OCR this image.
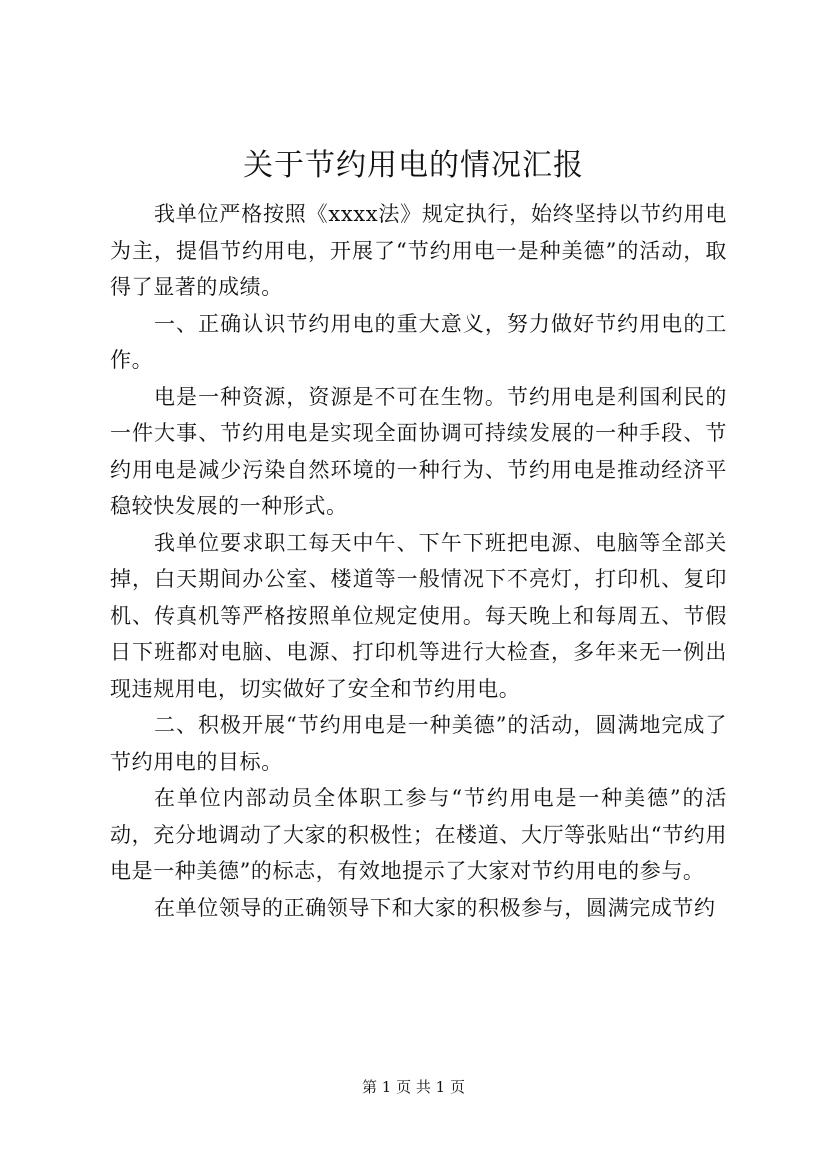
关于节约用电的情况汇报

我单位严格按照《xxxx法》规定执行，始终坚持以节约用电为主，提倡节约用电，开展了“节约用电一是种美德”的活动，取得了显著的成绩。

一、正确认识节约用电的重大意义，努力做好节约用电的工作。

电是一种资源，资源是不可在生物。节约用电是利国利民的一件大事、节约用电是实现全面协调可持续发展的一种手段、节约用电是减少污染自然环境的一种行为、节约用电是推动经济平稳较快发展的一种形式。

我单位要求职工每天中午、下午下班把电源、电脑等全部关掉，白天期间办公室、楼道等一般情况下不亮灯，打印机、复印机、传真机等严格按照单位规定使用。每天晚上和每周五、节假日下班都对电脑、电源、打印机等进行大检查，多年来无一例出现违规用电，切实做好了安全和节约用电。

二、积极开展“节约用电是一种美德”的活动，圆满地完成了节约用电的目标。

在单位内部动员全体职工参与“节约用电是一种美德”的活动，充分地调动了大家的积极性；在楼道、大厅等张贴出“节约用电是一种美德”的标志，有效地提示了大家对节约用电的参与。

在单位领导的正确领导下和大家的积极参与，圆满完成节约

第 1 页 共 1 页
